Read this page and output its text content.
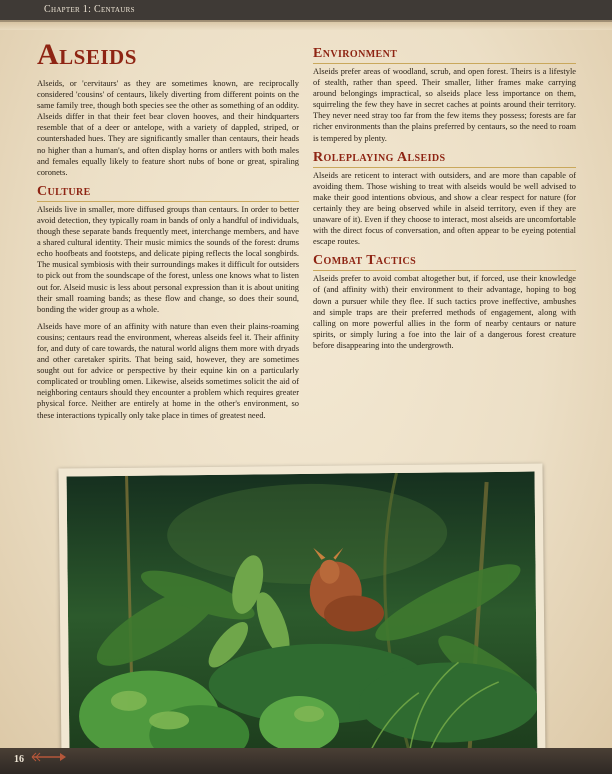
Chapter 1: Centaurs
Alseids

Alseids, or 'cervitaurs' as they are sometimes known, are reciprocally considered 'cousins' of centaurs, likely diverting from different points on the same family tree, though both species see the other as something of an oddity. Alseids differ in that their feet bear cloven hooves, and their hindquarters resemble that of a deer or antelope, with a variety of dappled, striped, or countershaded hues. They are significantly smaller than centaurs, their heads no higher than a human's, and often display horns or antlers with both males and females equally likely to feature short nubs of bone or great, spiraling coronets.

Culture

Alseids live in smaller, more diffused groups than centaurs. In order to better avoid detection, they typically roam in bands of only a handful of individuals, though these separate bands frequently meet, interchange members, and have a shared cultural identity. Their music mimics the sounds of the forest: drums echo hoofbeats and footsteps, and delicate piping reflects the local songbirds. The musical symbiosis with their surroundings makes it difficult for outsiders to pick out from the soundscape of the forest, unless one knows what to listen out for. Alseid music is less about personal expression than it is about uniting their small roaming bands; as these flow and change, so does their sound, bonding the wider group as a whole.

Alseids have more of an affinity with nature than even their plains-roaming cousins; centaurs read the environment, whereas alseids feel it. Their affinity for, and duty of care towards, the natural world aligns them more with dryads and other caretaker spirits. That being said, however, they are sometimes sought out for advice or perspective by their equine kin on a particularly complicated or troubling omen. Likewise, alseids sometimes solicit the aid of neighboring centaurs should they encounter a problem which requires greater physical force. Neither are entirely at home in the other's environment, so these interactions typically only take place in times of greatest need.

Environment

Alseids prefer areas of woodland, scrub, and open forest. Theirs is a lifestyle of stealth, rather than speed. Their smaller, lither frames make carrying around belongings impractical, so alseids place less importance on them, squirreling the few they have in secret caches at points around their territory. They never need stray too far from the few items they possess; forests are far richer environments than the plains preferred by centaurs, so the need to roam is tempered by plenty.

Roleplaying Alseids

Alseids are reticent to interact with outsiders, and are more than capable of avoiding them. Those wishing to treat with alseids would be well advised to make their good intentions obvious, and show a clear respect for nature (for certainly they are being observed while in alseid territory, even if they are unaware of it). Even if they choose to interact, most alseids are uncomfortable with the direct focus of conversation, and often appear to be eyeing potential escape routes.

Combat Tactics

Alseids prefer to avoid combat altogether but, if forced, use their knowledge of (and affinity with) their environment to their advantage, hoping to bog down a pursuer while they flee. If such tactics prove ineffective, ambushes and simple traps are their preferred methods of engagement, along with calling on more powerful allies in the form of nearby centaurs or nature spirits, or simply luring a foe into the lair of a dangerous forest creature before disappearing into the undergrowth.

16
